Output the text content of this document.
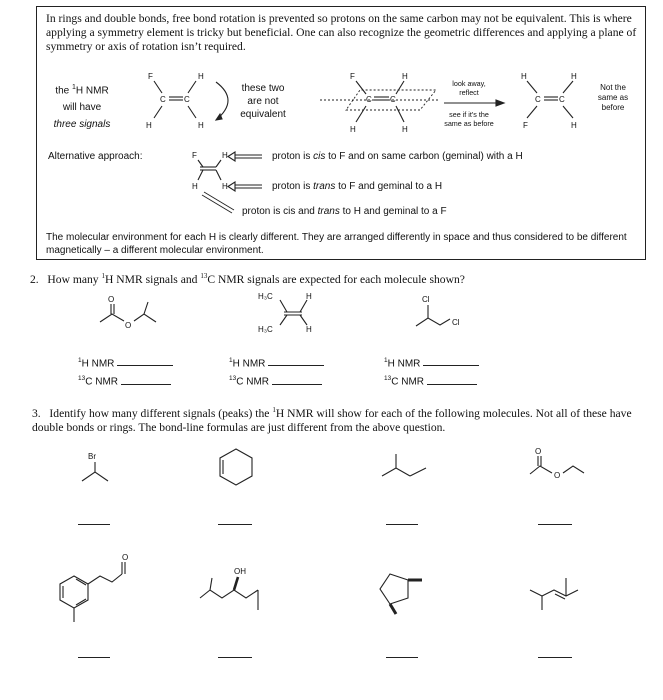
In rings and double bonds, free bond rotation is prevented so protons on the same carbon may not be equivalent. This is where applying a symmetry element is tricky but beneficial. One can also recognize the geometric differences and applying a plane of symmetry or axis of rotation isn’t required.
the $^1$H NMR
will have
three signals
F	H
H	H
C C
these two
are not
equivalent
F	H
H	H
C C
look away,
reflect
see if it's the
same as before
H	H
F	H
C C
Not the
same as
before
Alternative approach:	F	H
H	H
proton is cis to F and on same carbon (geminal) with a H
proton is trans to F and geminal to a H
proton is cis and trans to H and geminal to a F
The molecular environment for each H is clearly different. They are arranged differently in space and thus considered to be different magnetically – a different molecular environment.
2. How many $^1$H NMR signals and $^{13}$C NMR signals are expected for each molecule shown?
O
O
H₃C	H
H₃C	H
Cl
Cl
$^1$H NMR
$^{13}$C NMR
$^1$H NMR
$^{13}$C NMR
$^1$H NMR
$^{13}$C NMR
3. Identify how many different signals (peaks) the $^1$H NMR will show for each of the following molecules. Not all of these have double bonds or rings. The bond-line formulas are just different from the above question.
Br
O
O
O
OH
